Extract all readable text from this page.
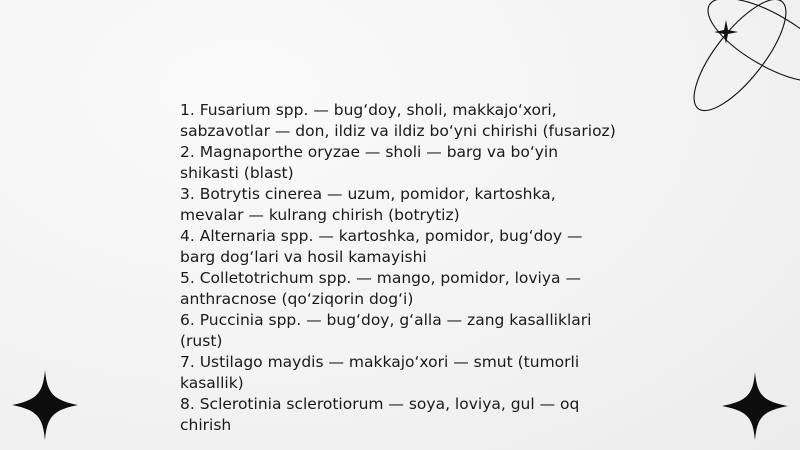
1. Fusarium spp. — bug‘doy, sholi, makkajo‘xori, sabzavotlar — don, ildiz va ildiz bo‘yni chirishi (fusarioz)

2. Magnaporthe oryzae — sholi — barg va bo‘yin shikasti (blast)

3. Botrytis cinerea — uzum, pomidor, kartoshka, mevalar — kulrang chirish (botrytiz)

4. Alternaria spp. — kartoshka, pomidor, bug‘doy — barg dog‘lari va hosil kamayishi

5. Colletotrichum spp. — mango, pomidor, loviya — anthracnose (qo‘ziqorin dog‘i)

6. Puccinia spp. — bug‘doy, g‘alla — zang kasalliklari (rust)

7. Ustilago maydis — makkajo‘xori — smut (tumorli kasallik)

8. Sclerotinia sclerotiorum — soya, loviya, gul — oq chirish
